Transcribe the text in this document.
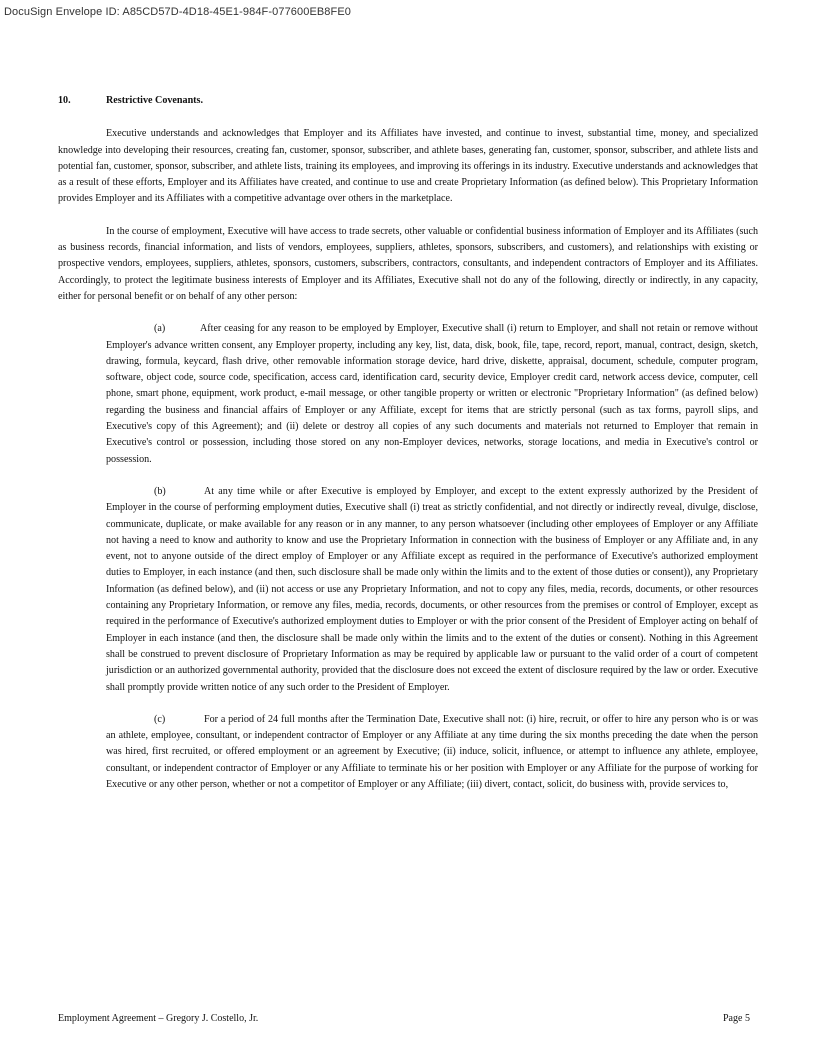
DocuSign Envelope ID: A85CD57D-4D18-45E1-984F-077600EB8FE0
10.	Restrictive Covenants.

Executive understands and acknowledges that Employer and its Affiliates have invested, and continue to invest, substantial time, money, and specialized knowledge into developing their resources, creating fan, customer, sponsor, subscriber, and athlete bases, generating fan, customer, sponsor, subscriber, and athlete lists and potential fan, customer, sponsor, subscriber, and athlete lists, training its employees, and improving its offerings in its industry. Executive understands and acknowledges that as a result of these efforts, Employer and its Affiliates have created, and continue to use and create Proprietary Information (as defined below). This Proprietary Information provides Employer and its Affiliates with a competitive advantage over others in the marketplace.

In the course of employment, Executive will have access to trade secrets, other valuable or confidential business information of Employer and its Affiliates (such as business records, financial information, and lists of vendors, employees, suppliers, athletes, sponsors, subscribers, and customers), and relationships with existing or prospective vendors, employees, suppliers, athletes, sponsors, customers, subscribers, contractors, consultants, and independent contractors of Employer and its Affiliates. Accordingly, to protect the legitimate business interests of Employer and its Affiliates, Executive shall not do any of the following, directly or indirectly, in any capacity, either for personal benefit or on behalf of any other person:

(a)	After ceasing for any reason to be employed by Employer, Executive shall (i) return to Employer, and shall not retain or remove without Employer's advance written consent, any Employer property, including any key, list, data, disk, book, file, tape, record, report, manual, contract, design, sketch, drawing, formula, keycard, flash drive, other removable information storage device, hard drive, diskette, appraisal, document, schedule, computer program, software, object code, source code, specification, access card, identification card, security device, Employer credit card, network access device, computer, cell phone, smart phone, equipment, work product, e-mail message, or other tangible property or written or electronic "Proprietary Information" (as defined below) regarding the business and financial affairs of Employer or any Affiliate, except for items that are strictly personal (such as tax forms, payroll slips, and Executive's copy of this Agreement); and (ii) delete or destroy all copies of any such documents and materials not returned to Employer that remain in Executive's control or possession, including those stored on any non-Employer devices, networks, storage locations, and media in Executive's control or possession.
(b)	At any time while or after Executive is employed by Employer, and except to the extent expressly authorized by the President of Employer in the course of performing employment duties, Executive shall (i) treat as strictly confidential, and not directly or indirectly reveal, divulge, disclose, communicate, duplicate, or make available for any reason or in any manner, to any person whatsoever (including other employees of Employer or any Affiliate not having a need to know and authority to know and use the Proprietary Information in connection with the business of Employer or any Affiliate and, in any event, not to anyone outside of the direct employ of Employer or any Affiliate except as required in the performance of Executive's authorized employment duties to Employer, in each instance (and then, such disclosure shall be made only within the limits and to the extent of those duties or consent)), any Proprietary Information (as defined below), and (ii) not access or use any Proprietary Information, and not to copy any files, media, records, documents, or other resources containing any Proprietary Information, or remove any files, media, records, documents, or other resources from the premises or control of Employer, except as required in the performance of Executive's authorized employment duties to Employer or with the prior consent of the President of Employer acting on behalf of Employer in each instance (and then, the disclosure shall be made only within the limits and to the extent of the duties or consent). Nothing in this Agreement shall be construed to prevent disclosure of Proprietary Information as may be required by applicable law or pursuant to the valid order of a court of competent jurisdiction or an authorized governmental authority, provided that the disclosure does not exceed the extent of disclosure required by the law or order. Executive shall promptly provide written notice of any such order to the President of Employer.
(c)	For a period of 24 full months after the Termination Date, Executive shall not: (i) hire, recruit, or offer to hire any person who is or was an athlete, employee, consultant, or independent contractor of Employer or any Affiliate at any time during the six months preceding the date when the person was hired, first recruited, or offered employment or an agreement by Executive; (ii) induce, solicit, influence, or attempt to influence any athlete, employee, consultant, or independent contractor of Employer or any Affiliate to terminate his or her position with Employer or any Affiliate for the purpose of working for Executive or any other person, whether or not a competitor of Employer or any Affiliate; (iii) divert, contact, solicit, do business with, provide services to,
Employment Agreement – Gregory J. Costello, Jr.	Page 5
